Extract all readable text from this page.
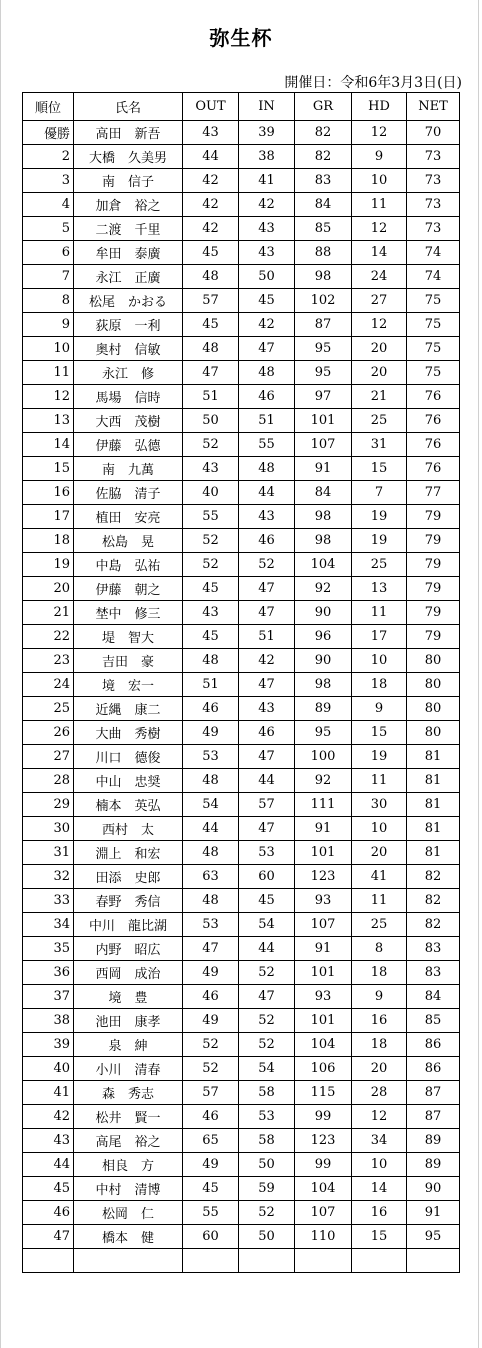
弥生杯
開催日：令和6年3月3日(日)
順位	氏名	OUT	IN	GR	HD	NET
優勝	高田　新吾	43	39	82	12	70
2	大橋　久美男	44	38	82	9	73
3	南　信子	42	41	83	10	73
4	加倉　裕之	42	42	84	11	73
5	二渡　千里	42	43	85	12	73
6	牟田　泰廣	45	43	88	14	74
7	永江　正廣	48	50	98	24	74
8	松尾　かおる	57	45	102	27	75
9	荻原　一利	45	42	87	12	75
10	奥村　信敏	48	47	95	20	75
11	永江　修	47	48	95	20	75
12	馬場　信時	51	46	97	21	76
13	大西　茂樹	50	51	101	25	76
14	伊藤　弘德	52	55	107	31	76
15	南　九萬	43	48	91	15	76
16	佐脇　清子	40	44	84	7	77
17	植田　安亮	55	43	98	19	79
18	松島　晃	52	46	98	19	79
19	中島　弘祐	52	52	104	25	79
20	伊藤　朝之	45	47	92	13	79
21	埜中　修三	43	47	90	11	79
22	堤　智大	45	51	96	17	79
23	吉田　豪	48	42	90	10	80
24	境　宏一	51	47	98	18	80
25	近縄　康二	46	43	89	9	80
26	大曲　秀樹	49	46	95	15	80
27	川口　德俊	53	47	100	19	81
28	中山　忠奨	48	44	92	11	81
29	楠本　英弘	54	57	111	30	81
30	西村　太	44	47	91	10	81
31	淵上　和宏	48	53	101	20	81
32	田添　史郎	63	60	123	41	82
33	春野　秀信	48	45	93	11	82
34	中川　龍比湖	53	54	107	25	82
35	内野　昭広	47	44	91	8	83
36	西岡　成治	49	52	101	18	83
37	境　豊	46	47	93	9	84
38	池田　康孝	49	52	101	16	85
39	泉　紳	52	52	104	18	86
40	小川　清春	52	54	106	20	86
41	森　秀志	57	58	115	28	87
42	松井　賢一	46	53	99	12	87
43	高尾　裕之	65	58	123	34	89
44	相良　方	49	50	99	10	89
45	中村　清博	45	59	104	14	90
46	松岡　仁	55	52	107	16	91
47	橋本　健	60	50	110	15	95
